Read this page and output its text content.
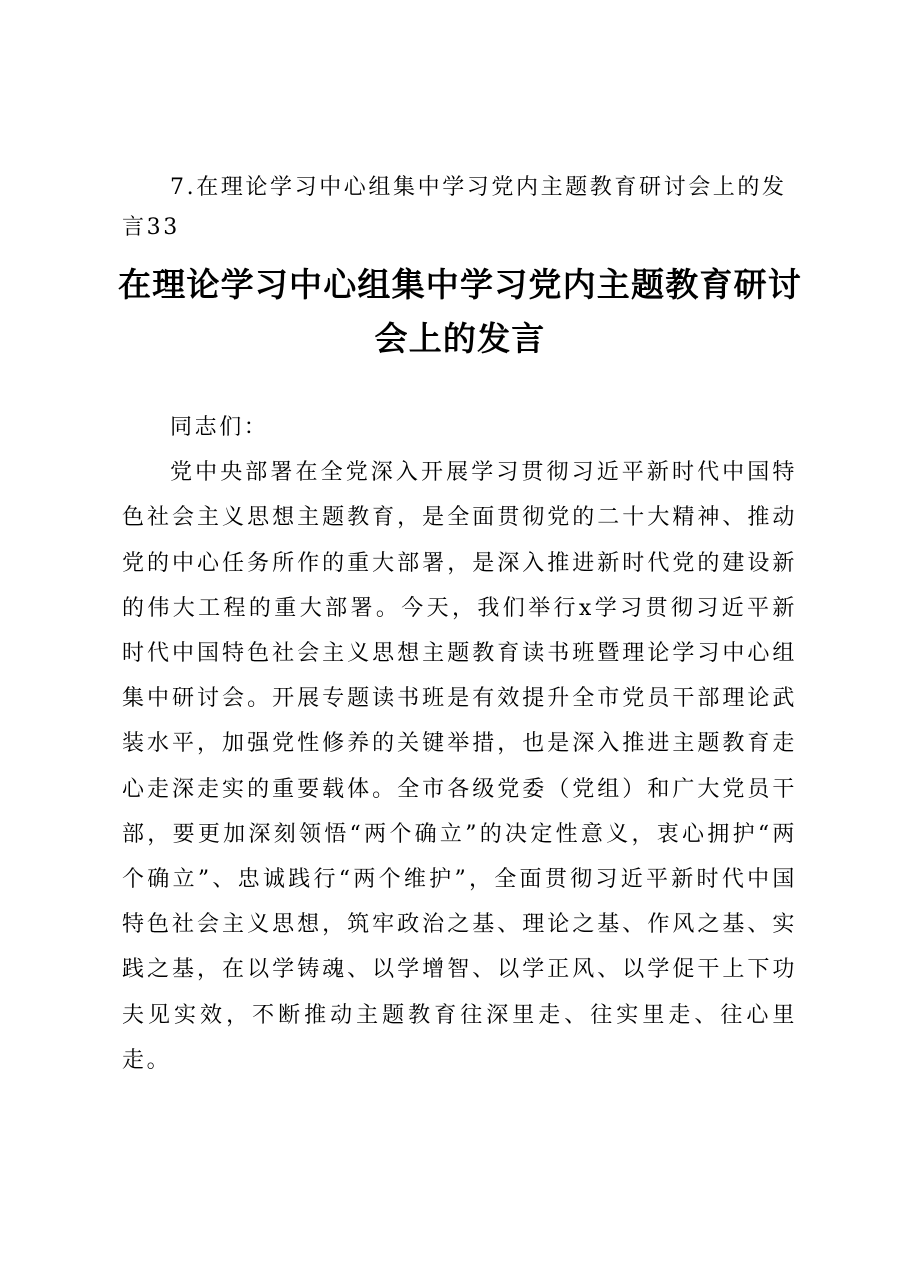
7.在理论学习中心组集中学习党内主题教育研讨会上的发言33

在理论学习中心组集中学习党内主题教育研讨会上的发言

同志们：

党中央部署在全党深入开展学习贯彻习近平新时代中国特色社会主义思想主题教育，是全面贯彻党的二十大精神、推动党的中心任务所作的重大部署，是深入推进新时代党的建设新的伟大工程的重大部署。今天，我们举行x学习贯彻习近平新时代中国特色社会主义思想主题教育读书班暨理论学习中心组集中研讨会。开展专题读书班是有效提升全市党员干部理论武装水平，加强党性修养的关键举措，也是深入推进主题教育走心走深走实的重要载体。全市各级党委（党组）和广大党员干部，要更加深刻领悟“两个确立”的决定性意义，衷心拥护“两个确立”、忠诚践行“两个维护”，全面贯彻习近平新时代中国特色社会主义思想，筑牢政治之基、理论之基、作风之基、实践之基，在以学铸魂、以学增智、以学正风、以学促干上下功夫见实效，不断推动主题教育往深里走、往实里走、往心里走。
